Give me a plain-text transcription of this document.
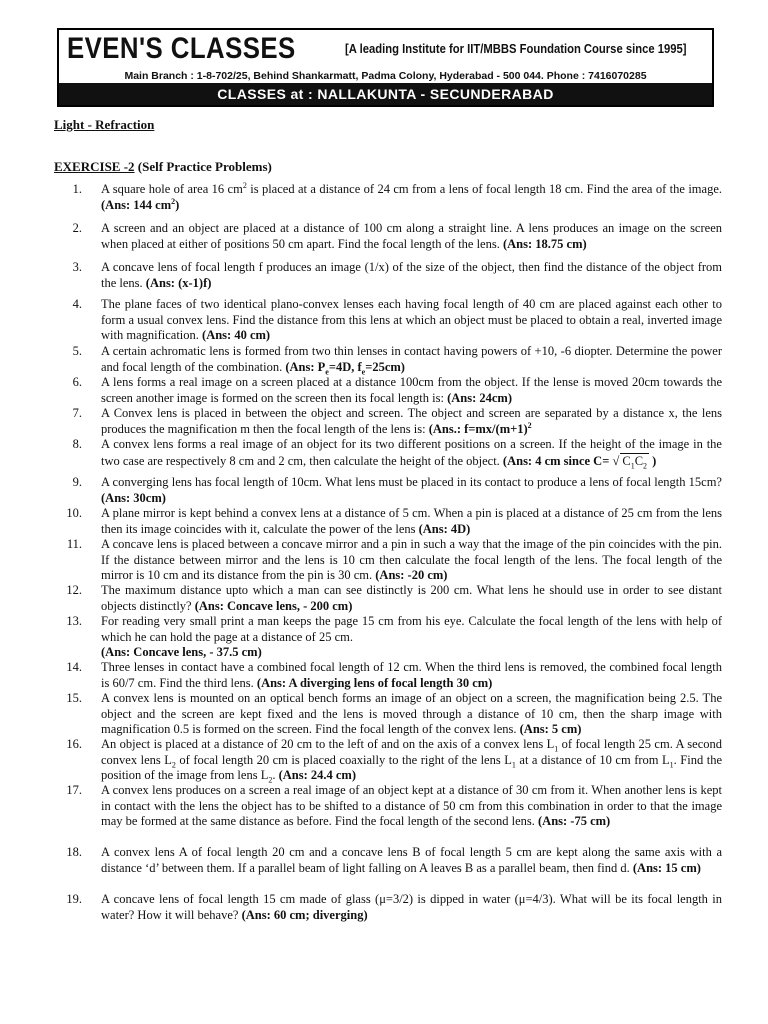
EVEN'S CLASSES	[A leading Institute for IIT/MBBS Foundation Course since 1995]
Main Branch : 1-8-702/25, Behind Shankarmatt, Padma Colony, Hyderabad - 500 044. Phone : 7416070285
CLASSES at : NALLAKUNTA - SECUNDERABAD
Light - Refraction
EXERCISE -2 (Self Practice Problems)
1. A square hole of area 16 $cm^2$ is placed at a distance of 24 cm from a lens of focal length 18 cm. Find the area of the image. (Ans: 144 $cm^2$)
2. A screen and an object are placed at a distance of 100 cm along a straight line. A lens produces an image on the screen when placed at either of positions 50 cm apart. Find the focal length of the lens. (Ans: 18.75 cm)
3. A concave lens of focal length f produces an image (1/x) of the size of the object, then find the distance of the object from the lens. (Ans: (x-1)f)
4. The plane faces of two identical plano-convex lenses each having focal length of 40 cm are placed against each other to form a usual convex lens. Find the distance from this lens at which an object must be placed to obtain a real, inverted image with magnification. (Ans: 40 cm)
5. A certain achromatic lens is formed from two thin lenses in contact having powers of +10, -6 diopter. Determine the power and focal length of the combination. (Ans: $P_e=4D$, $f_e=25cm$)
6. A lens forms a real image on a screen placed at a distance 100cm from the object. If the lense is moved 20cm towards the screen another image is formed on the screen then its focal length is: (Ans: 24cm)
7. A Convex lens is placed in between the object and screen. The object and screen are separated by a distance x, the lens produces the magnification m then the focal length of the lens is: (Ans.: $f=mx/(m+1)^2$
8. A convex lens forms a real image of an object for its two different positions on a screen. If the height of the image in the two case are respectively 8 cm and 2 cm, then calculate the height of the object. (Ans: 4 cm since C= √ $C_1C_2$ )
9. A converging lens has focal length of 10cm. What lens must be placed in its contact to produce a lens of focal length 15cm? (Ans: 30cm)
10. A plane mirror is kept behind a convex lens at a distance of 5 cm. When a pin is placed at a distance of 25 cm from the lens then its image coincides with it, calculate the power of the lens (Ans: 4D)
11. A concave lens is placed between a concave mirror and a pin in such a way that the image of the pin coincides with the pin. If the distance between mirror and the lens is 10 cm then calculate the focal length of the lens. The focal length of the mirror is 10 cm and its distance from the pin is 30 cm. (Ans: -20 cm)
12. The maximum distance upto which a man can see distinctly is 200 cm. What lens he should use in order to see distant objects distinctly? (Ans: Concave lens, - 200 cm)
13. For reading very small print a man keeps the page 15 cm from his eye. Calculate the focal length of the lens with help of which he can hold the page at a distance of 25 cm.
(Ans: Concave lens, - 37.5 cm)
14. Three lenses in contact have a combined focal length of 12 cm. When the third lens is removed, the combined focal length is 60/7 cm. Find the third lens. (Ans: A diverging lens of focal length 30 cm)
15. A convex lens is mounted on an optical bench forms an image of an object on a screen, the magnification being 2.5. The object and the screen are kept fixed and the lens is moved through a distance of 10 cm, then the sharp image with magnification 0.5 is formed on the screen. Find the focal length of the convex lens. (Ans: 5 cm)
16. An object is placed at a distance of 20 cm to the left of and on the axis of a convex lens $L_1$ of focal length 25 cm. A second convex lens $L_2$ of focal length 20 cm is placed coaxially to the right of the lens $L_1$ at a distance of 10 cm from $L_1$. Find the position of the image from lens $L_2$. (Ans: 24.4 cm)
17. A convex lens produces on a screen a real image of an object kept at a distance of 30 cm from it. When another lens is kept in contact with the lens the object has to be shifted to a distance of 50 cm from this combination in order to that the image may be formed at the same distance as before. Find the focal length of the second lens. (Ans: -75 cm)
18. A convex lens A of focal length 20 cm and a concave lens B of focal length 5 cm are kept along the same axis with a distance ‘d’ between them. If a parallel beam of light falling on A leaves B as a parallel beam, then find d. (Ans: 15 cm)
19. A concave lens of focal length 15 cm made of glass (μ=3/2) is dipped in water (μ=4/3). What will be its focal length in water? How it will behave? (Ans: 60 cm; diverging)
